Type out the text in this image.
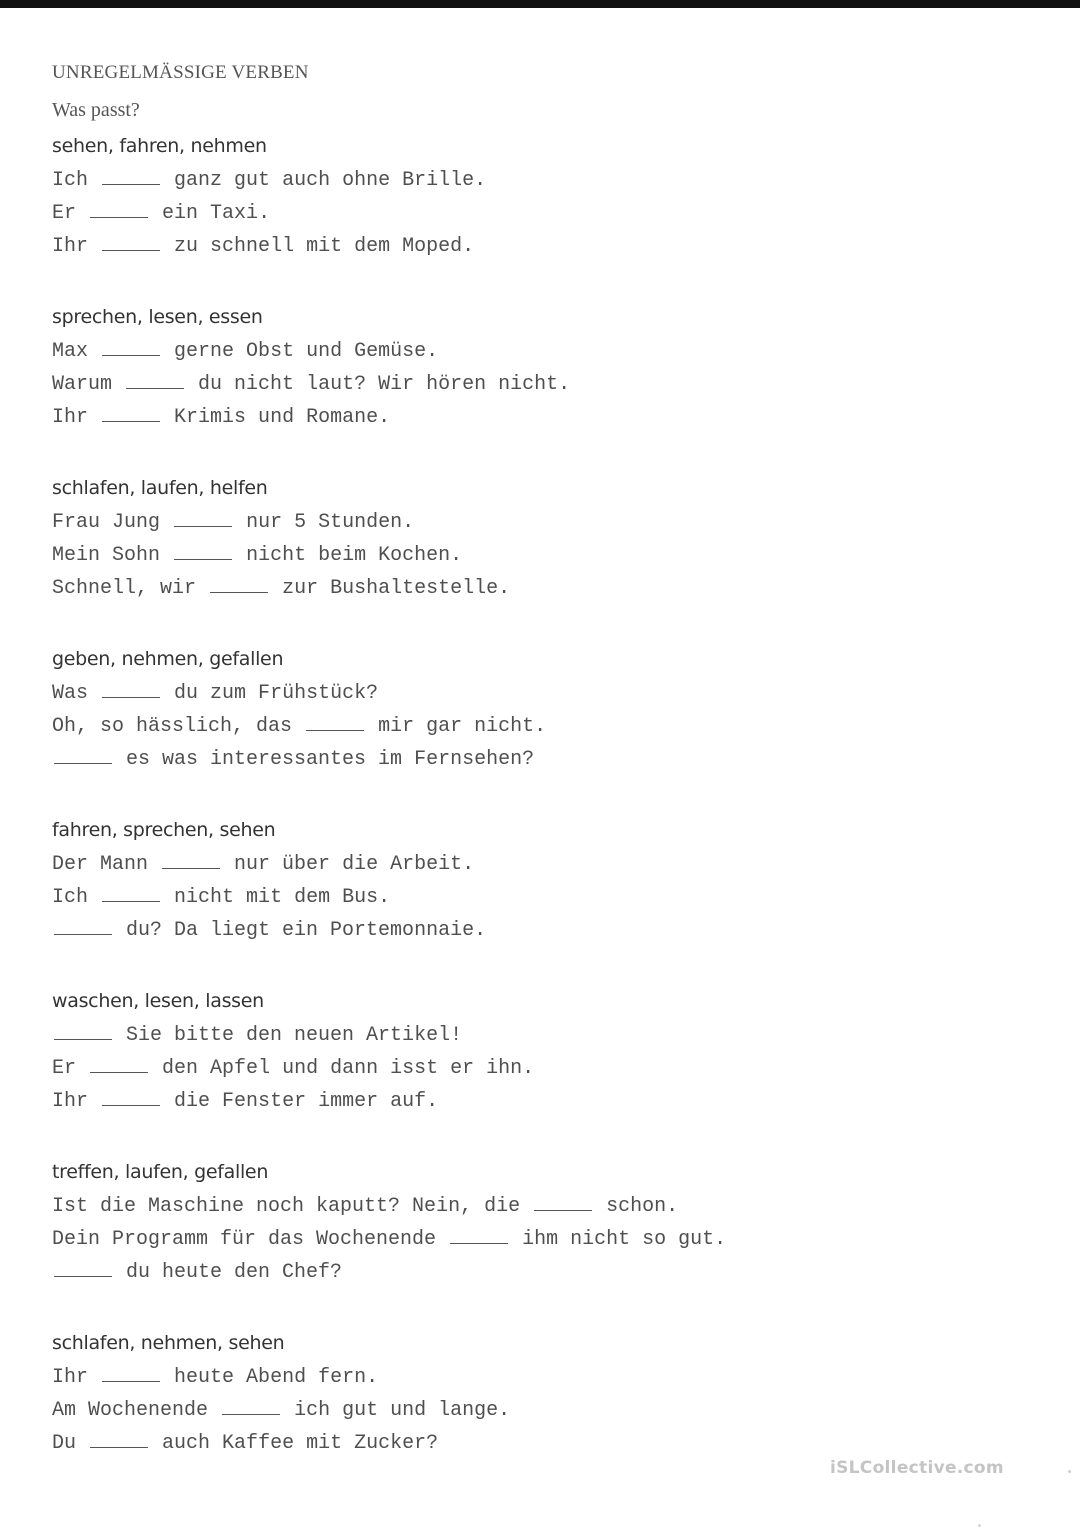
UNREGELMÄSSIGE VERBEN
Was passt?
sehen, fahren, nehmen
Ich	ganz gut auch ohne Brille.
Er	ein Taxi.
Ihr	zu schnell mit dem Moped.
sprechen, lesen, essen
Max	gerne Obst und Gemüse.
Warum	du nicht laut? Wir hören nicht.
Ihr	Krimis und Romane.
schlafen, laufen, helfen
Frau Jung	nur 5 Stunden.
Mein Sohn	nicht beim Kochen.
Schnell, wir	zur Bushaltestelle.
geben, nehmen, gefallen
Was	du zum Frühstück?
Oh, so hässlich, das	mir gar nicht.
es was interessantes im Fernsehen?
fahren, sprechen, sehen
Der Mann	nur über die Arbeit.
Ich	nicht mit dem Bus.
du? Da liegt ein Portemonnaie.
waschen, lesen, lassen
Sie bitte den neuen Artikel!
Er	den Apfel und dann isst er ihn.
Ihr	die Fenster immer auf.
treffen, laufen, gefallen
Ist die Maschine noch kaputt? Nein, die	schon.
Dein Programm für das Wochenende	ihm nicht so gut.
du heute den Chef?
schlafen, nehmen, sehen
Ihr	heute Abend fern.
Am Wochenende	ich gut und lange.
Du	auch Kaffee mit Zucker?
iSLCollective.com
